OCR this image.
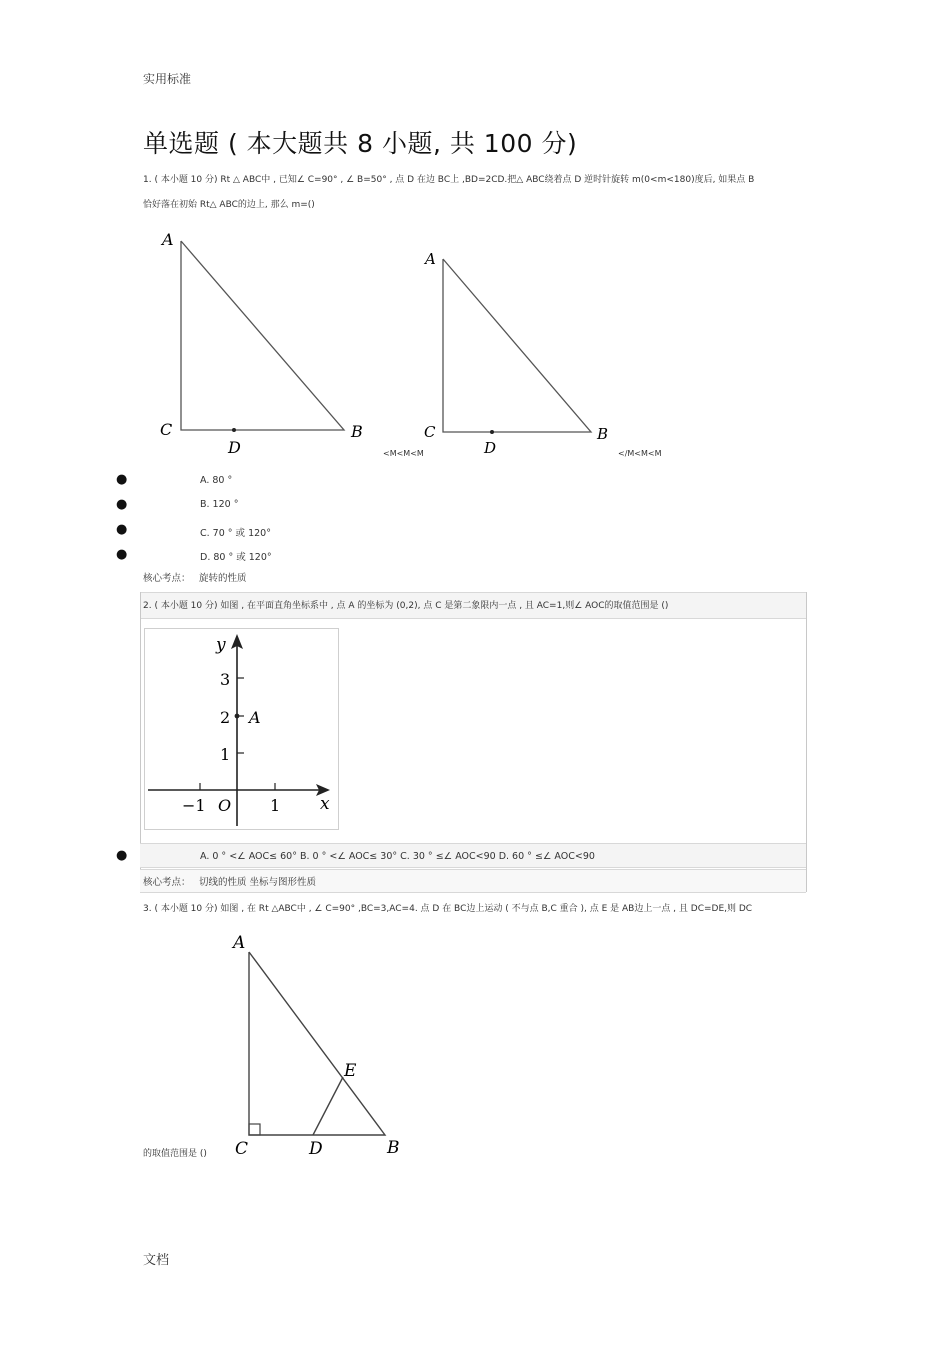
实用标准
单选题 ( 本大题共 8 小题, 共 100 分)
1. ( 本小题 10 分) Rt △ ABC中 , 已知∠ C=90° , ∠ B=50° , 点 D 在边 BC上 ,BD=2CD.把△ ABC绕着点 D 逆时针旋转 m(0<m<180)度后, 如果点 B
恰好落在初始 Rt△ ABC的边上, 那么 m=()
A
C
D
B
A
C
D
B
<M<M<M	</M<M<M
●	A. 80 °
●	B. 120 °
●	C. 70 ° 或 120°
●	D. 80 ° 或 120°
核心考点： 旋转的性质
2. ( 本小题 10 分) 如图 , 在平面直角坐标系中 , 点 A 的坐标为 (0,2), 点 C 是第二象限内一点 , 且 AC=1,则∠ AOC的取值范围是 ()
y
3
2 A
1
−1 O 1 x
●	A. 0 ° <∠ AOC≤ 60° B. 0 ° <∠ AOC≤ 30° C. 30 ° ≤∠ AOC<90 D. 60 ° ≤∠ AOC<90
核心考点： 切线的性质 坐标与图形性质
3. ( 本小题 10 分) 如图 , 在 Rt △ABC中 , ∠ C=90° ,BC=3,AC=4. 点 D 在 BC边上运动 ( 不与点 B,C 重合 ), 点 E 是 AB边上一点 , 且 DC=DE,则 DC
A
E
C	D	B
的取值范围是 ()
文档
